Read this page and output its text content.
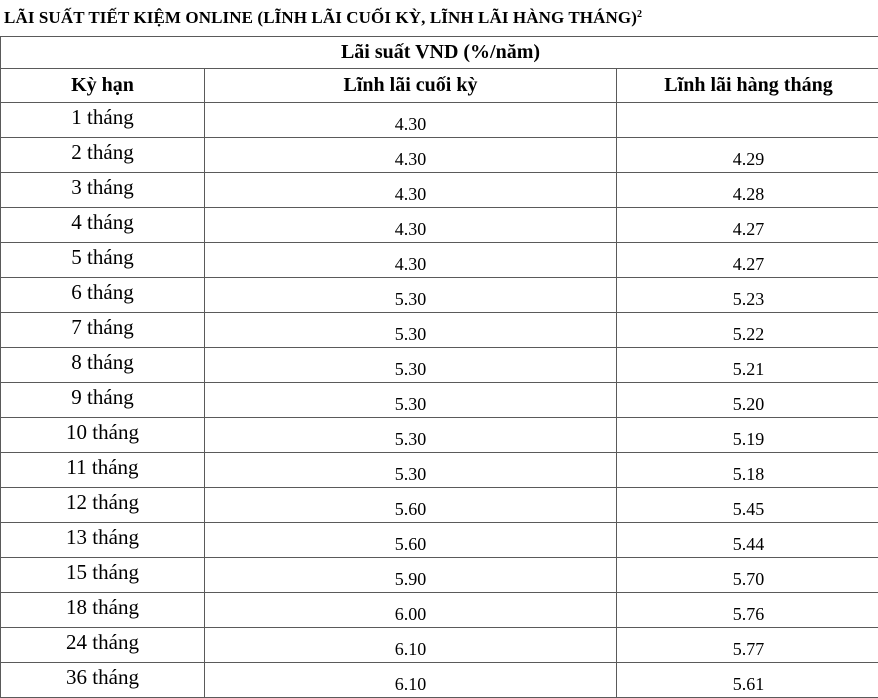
LÃI SUẤT TIẾT KIỆM ONLINE (LĨNH LÃI CUỐI KỲ, LĨNH LÃI HÀNG THÁNG)$^2$
Lãi suất VND (%/năm)		
Kỳ hạn	Lĩnh lãi cuối kỳ	Lĩnh lãi hàng tháng
1 tháng	4.30	
2 tháng	4.30	4.29
3 tháng	4.30	4.28
4 tháng	4.30	4.27
5 tháng	4.30	4.27
6 tháng	5.30	5.23
7 tháng	5.30	5.22
8 tháng	5.30	5.21
9 tháng	5.30	5.20
10 tháng	5.30	5.19
11 tháng	5.30	5.18
12 tháng	5.60	5.45
13 tháng	5.60	5.44
15 tháng	5.90	5.70
18 tháng	6.00	5.76
24 tháng	6.10	5.77
36 tháng	6.10	5.61
